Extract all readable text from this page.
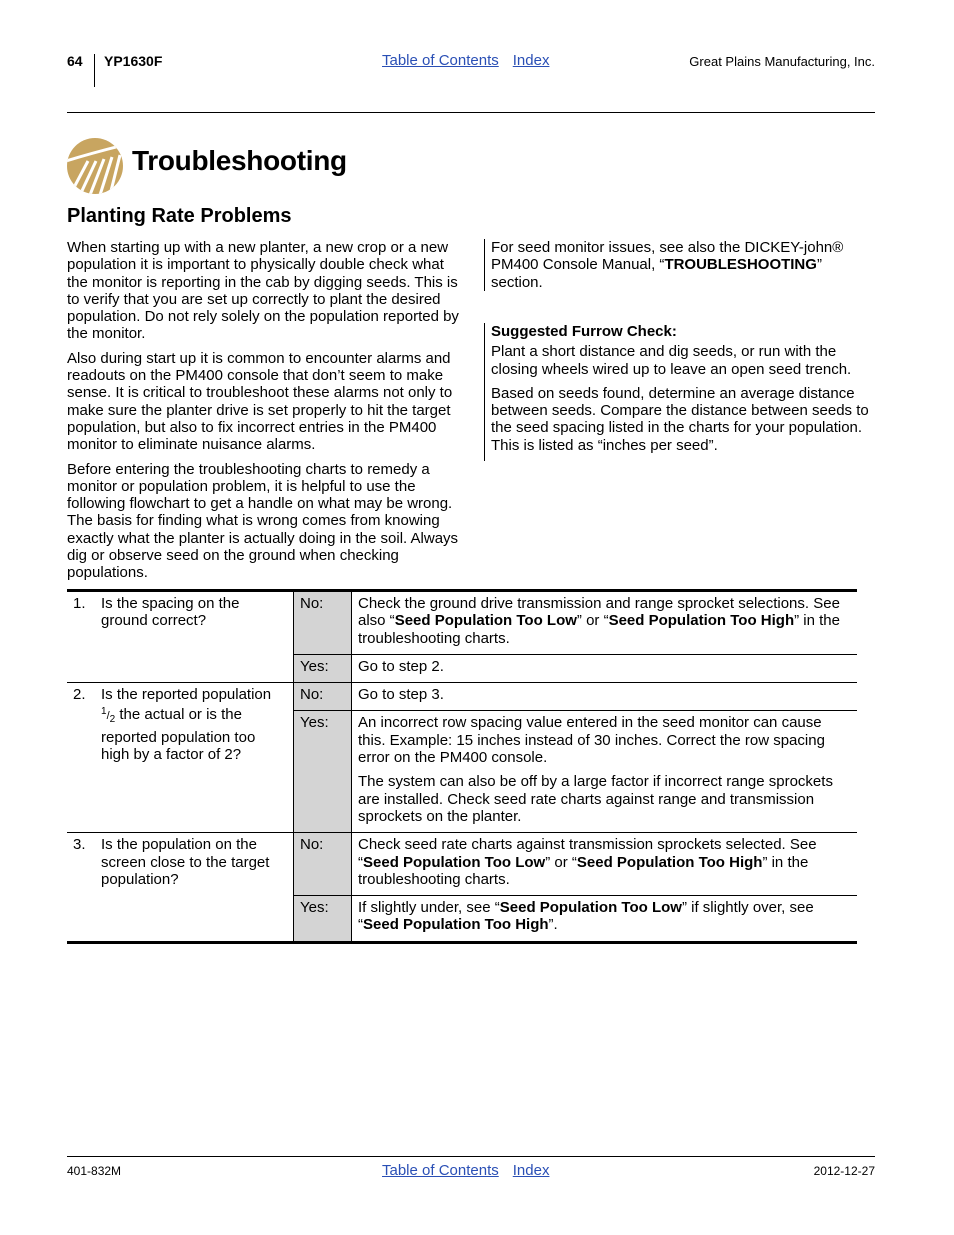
64 YP1630F	Table of Contents Index	Great Plains Manufacturing, Inc.
Troubleshooting
Planting Rate Problems

When starting up with a new planter, a new crop or a new population it is important to physically double check what the monitor is reporting in the cab by digging seeds. This is to verify that you are set up correctly to plant the desired population. Do not rely solely on the population reported by the monitor.

Also during start up it is common to encounter alarms and readouts on the PM400 console that don’t seem to make sense. It is critical to troubleshoot these alarms not only to make sure the planter drive is set properly to hit the target population, but also to fix incorrect entries in the PM400 monitor to eliminate nuisance alarms.

Before entering the troubleshooting charts to remedy a monitor or population problem, it is helpful to use the following flowchart to get a handle on what may be wrong. The basis for finding what is wrong comes from knowing exactly what the planter is actually doing in the soil. Always dig or observe seed on the ground when checking populations.

For seed monitor issues, see also the DICKEY-john® PM400 Console Manual, “TROUBLESHOOTING” section.
Suggested Furrow Check:

Plant a short distance and dig seeds, or run with the closing wheels wired up to leave an open seed trench.

Based on seeds found, determine an average distance between seeds. Compare the distance between seeds to the seed spacing listed in the charts for your population. This is listed as “inches per seed”.

1. Is the spacing on the ground correct?	No:	Check the ground drive transmission and range sprocket selections. See also “Seed Population Too Low” or “Seed Population Too High” in the troubleshooting charts.
	Yes:	Go to step 2.
2. Is the reported population $^1/_2$ the actual or is the reported population too high by a factor of 2?	No:	Go to step 3.
	Yes:	An incorrect row spacing value entered in the seed monitor can cause this. Example: 15 inches instead of 30 inches. Correct the row spacing error on the PM400 console.

The system can also be off by a large factor if incorrect range sprockets are installed. Check seed rate charts against range and transmission sprockets on the planter.

3. Is the population on the screen close to the target population?	No:	Check seed rate charts against transmission sprockets selected. See “Seed Population Too Low” or “Seed Population Too High” in the troubleshooting charts.
	Yes:	If slightly under, see “Seed Population Too Low” if slightly over, see “Seed Population Too High”.
401-832M	Table of Contents Index	2012-12-27
